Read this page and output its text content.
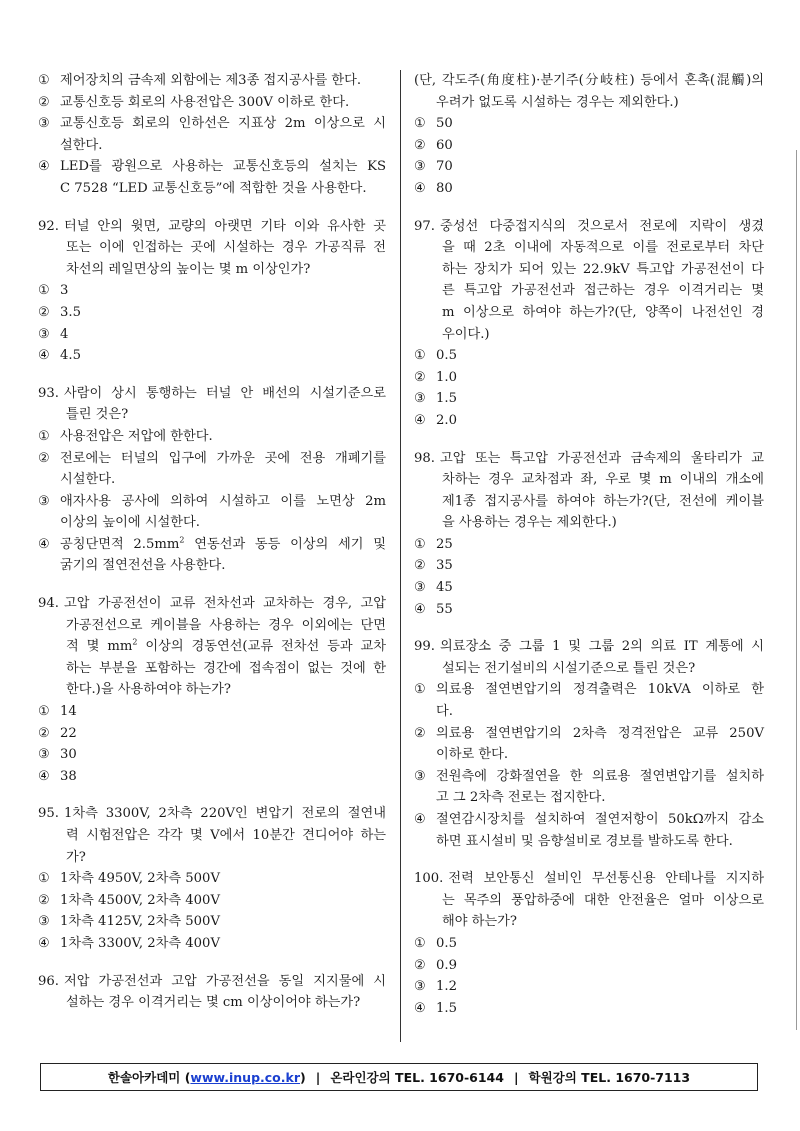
① 제어장치의 금속제 외함에는 제3종 접지공사를 한다.
② 교통신호등 회로의 사용전압은 300V 이하로 한다.
③ 교통신호등 회로의 인하선은 지표상 2m 이상으로 시
설한다.
④ LED를 광원으로 사용하는 교통신호등의 설치는 KS
C 7528 “LED 교통신호등”에 적합한 것을 사용한다.
92. 터널 안의 윗면, 교량의 아랫면 기타 이와 유사한 곳
또는 이에 인접하는 곳에 시설하는 경우 가공직류 전
차선의 레일면상의 높이는 몇 m 이상인가?
① 3
② 3.5
③ 4
④ 4.5
93. 사람이 상시 통행하는 터널 안 배선의 시설기준으로
틀린 것은?
① 사용전압은 저압에 한한다.
② 전로에는 터널의 입구에 가까운 곳에 전용 개폐기를
시설한다.
③ 애자사용 공사에 의하여 시설하고 이를 노면상 2m
이상의 높이에 시설한다.
④ 공칭단면적 $2.5mm^2$ 연동선과 동등 이상의 세기 및
굵기의 절연전선을 사용한다.
94. 고압 가공전선이 교류 전차선과 교차하는 경우, 고압
가공전선으로 케이블을 사용하는 경우 이외에는 단면
적 몇 $mm^2$ 이상의 경동연선(교류 전차선 등과 교차
하는 부분을 포함하는 경간에 접속점이 없는 것에 한
한다.)을 사용하여야 하는가?
① 14
② 22
③ 30
④ 38
95. 1차측 3300V, 2차측 220V인 변압기 전로의 절연내
력 시험전압은 각각 몇 V에서 10분간 견디어야 하는
가?
① 1차측 4950V, 2차측 500V
② 1차측 4500V, 2차측 400V
③ 1차측 4125V, 2차측 500V
④ 1차측 3300V, 2차측 400V
96. 저압 가공전선과 고압 가공전선을 동일 지지물에 시
설하는 경우 이격거리는 몇 cm 이상이어야 하는가?
(단, 각도주(角度柱)·분기주(分岐柱) 등에서 혼촉(混觸)의
우려가 없도록 시설하는 경우는 제외한다.)
① 50
② 60
③ 70
④ 80
97. 중성선 다중접지식의 것으로서 전로에 지락이 생겼
을 때 2초 이내에 자동적으로 이를 전로로부터 차단
하는 장치가 되어 있는 22.9kV 특고압 가공전선이 다
른 특고압 가공전선과 접근하는 경우 이격거리는 몇
m 이상으로 하여야 하는가?(단, 양쪽이 나전선인 경
우이다.)
① 0.5
② 1.0
③ 1.5
④ 2.0
98. 고압 또는 특고압 가공전선과 금속제의 울타리가 교
차하는 경우 교차점과 좌, 우로 몇 m 이내의 개소에
제1종 접지공사를 하여야 하는가?(단, 전선에 케이블
을 사용하는 경우는 제외한다.)
① 25
② 35
③ 45
④ 55
99. 의료장소 중 그룹 1 및 그룹 2의 의료 IT 계통에 시
설되는 전기설비의 시설기준으로 틀린 것은?
① 의료용 절연변압기의 정격출력은 10kVA 이하로 한
다.
② 의료용 절연변압기의 2차측 정격전압은 교류 250V
이하로 한다.
③ 전원측에 강화절연을 한 의료용 절연변압기를 설치하
고 그 2차측 전로는 접지한다.
④ 절연감시장치를 설치하여 절연저항이 50kΩ까지 감소
하면 표시설비 및 음향설비로 경보를 발하도록 한다.
100. 전력 보안통신 설비인 무선통신용 안테나를 지지하
는 목주의 풍압하중에 대한 안전율은 얼마 이상으로
해야 하는가?
① 0.5
② 0.9
③ 1.2
④ 1.5
한솔아카데미 ( www.inup.co.kr ) | 온라인강의 TEL. 1670-6144 | 학원강의 TEL. 1670-7113
